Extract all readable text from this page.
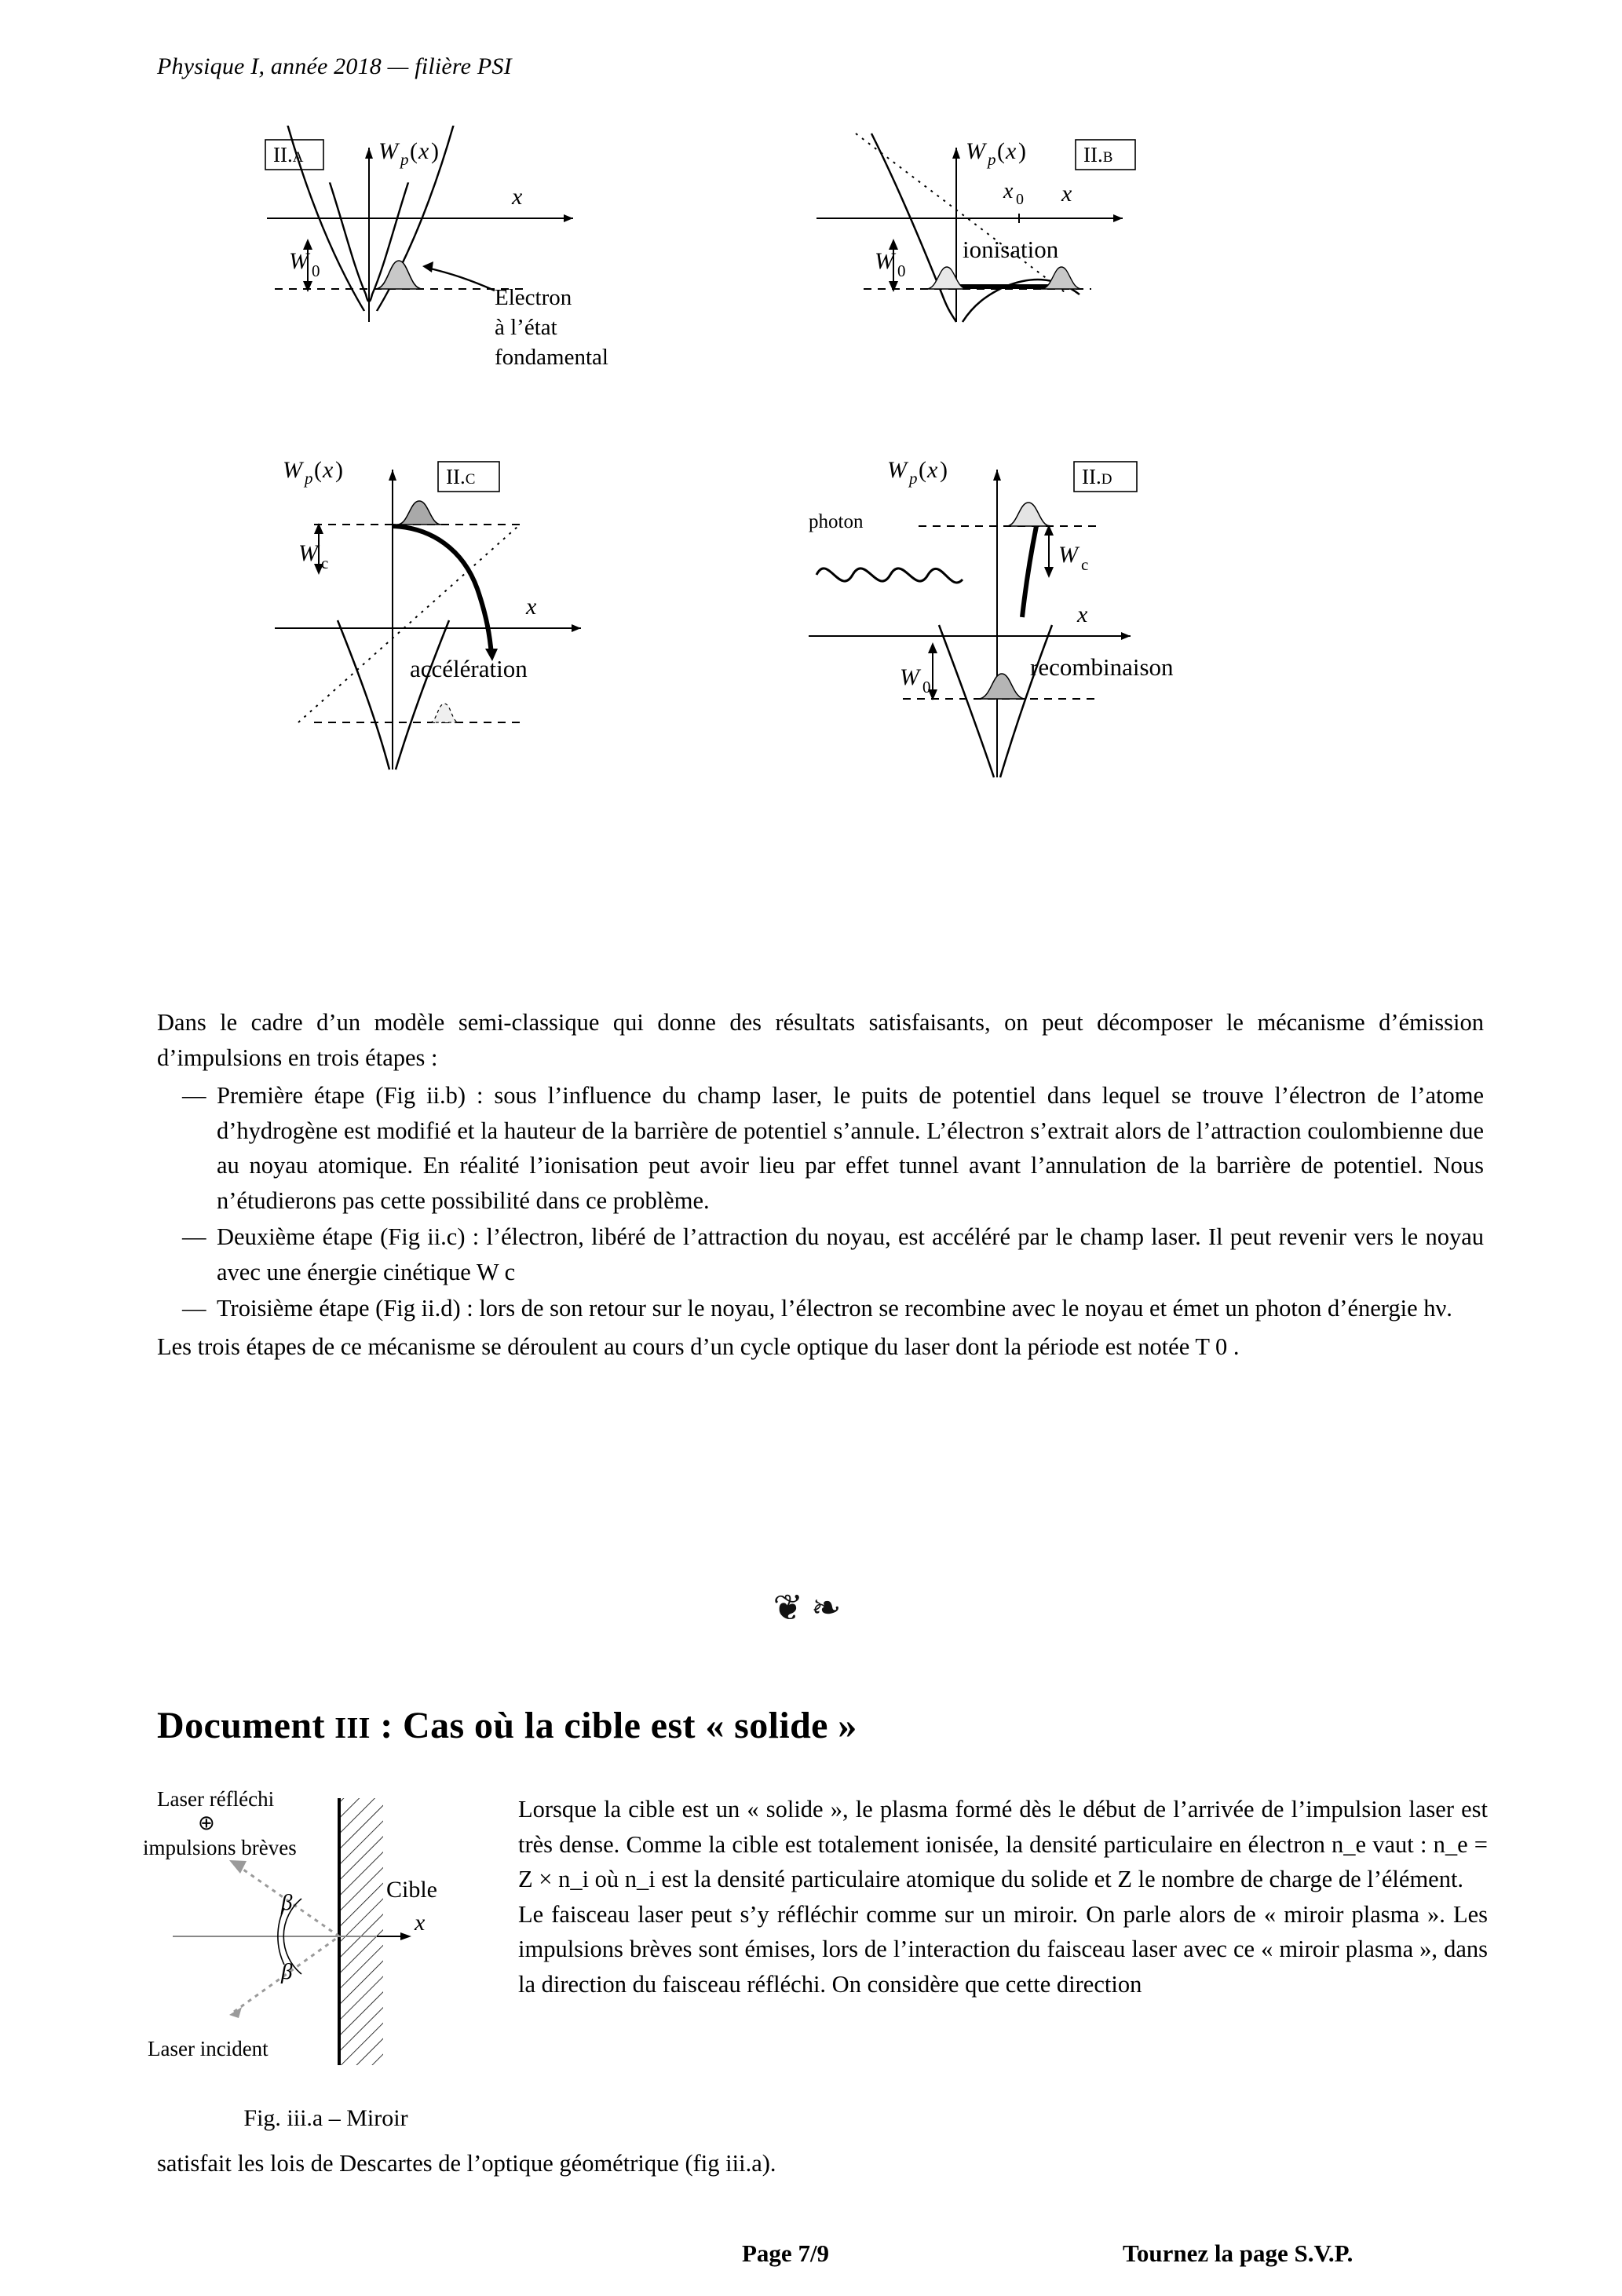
Physique I, année 2018 — filière PSI
W p ( x )
x
W 0
Electron
à l’état
fondamental
II.a	W p ( x )
x 0 x
W 0
ionisation
II.b
W p ( x )
x
W c
accélération
II.c	W p ( x )
x
W c
W 0
photon
recombinaison
II.d

Dans le cadre d’un modèle semi-classique qui donne des résultats satisfaisants, on peut décomposer le mécanisme d’émission d’impulsions en trois étapes :

— Première étape (Fig ii.b) : sous l’influence du champ laser, le puits de potentiel dans lequel se trouve l’électron de l’atome d’hydrogène est modifié et la hauteur de la barrière de potentiel s’annule. L’électron s’extrait alors de l’attraction coulombienne due au noyau atomique. En réalité l’ionisation peut avoir lieu par effet tunnel avant l’annulation de la barrière de potentiel. Nous n’étudierons pas cette possibilité dans ce problème.
— Deuxième étape (Fig ii.c) : l’électron, libéré de l’attraction du noyau, est accéléré par le champ laser. Il peut revenir vers le noyau avec une énergie cinétique W c
— Troisième étape (Fig ii.d) : lors de son retour sur le noyau, l’électron se recombine avec le noyau et émet un photon d’énergie hν.

Les trois étapes de ce mécanisme se déroulent au cours d’un cycle optique du laser dont la période est notée T 0 .

❦❧
Document III : Cas où la cible est « solide »
Laser réfléchi
⊕
impulsions brèves
Cible
x
β
β
Laser incident
Fig. iii.a – Miroir

Lorsque la cible est un « solide », le plasma formé dès le début de l’arrivée de l’impulsion laser est très dense. Comme la cible est totalement ionisée, la densité particulaire en électron n_e vaut : n_e = Z × n_i où n_i est la densité particulaire atomique du solide et Z le nombre de charge de l’élément.

Le faisceau laser peut s’y réfléchir comme sur un miroir. On parle alors de « miroir plasma ». Les impulsions brèves sont émises, lors de l’interaction du faisceau laser avec ce « miroir plasma », dans la direction du faisceau réfléchi. On considère que cette direction

satisfait les lois de Descartes de l’optique géométrique (fig iii.a).
Page 7/9	Tournez la page S.V.P.
